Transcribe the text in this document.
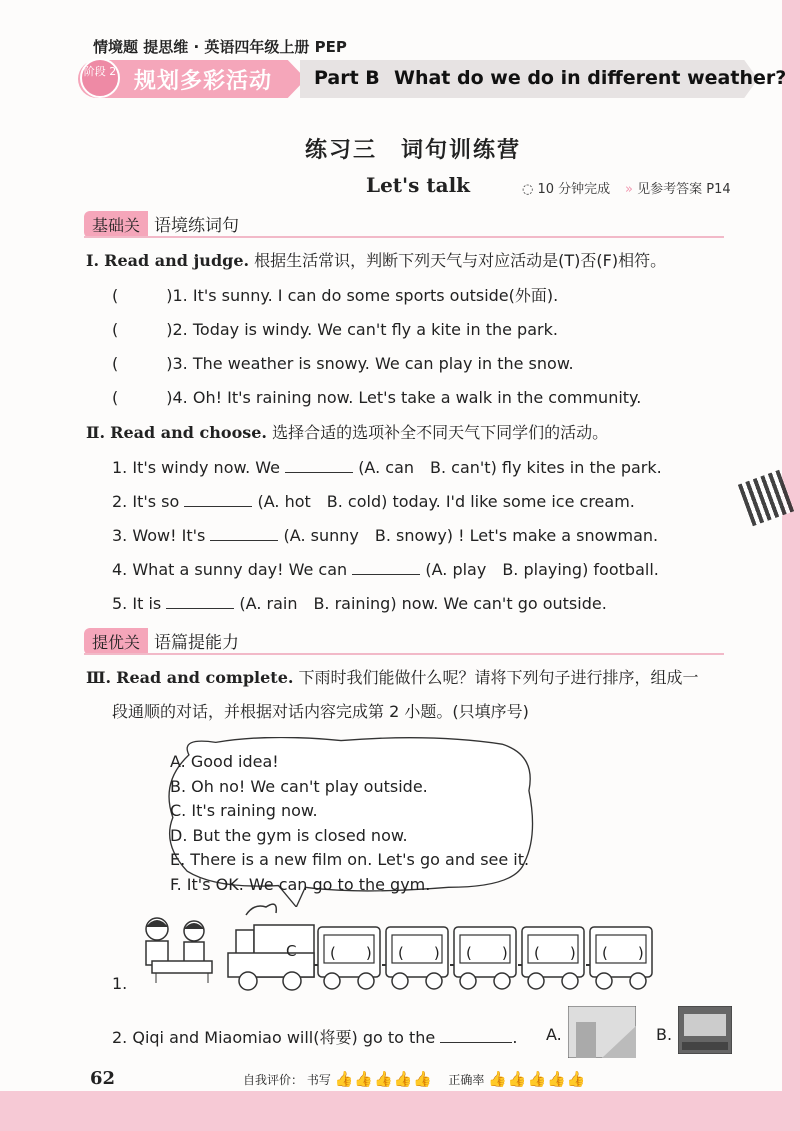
情境题 提思维 · 英语四年级上册 PEP
阶段 2 规划多彩活动 Part B What do we do in different weather?
练习三　词句训练营
Let's talk	◌ 10 分钟完成 » 见参考答案 P14
基础关 语境练词句
Ⅰ. Read and judge. 根据生活常识，判断下列天气与对应活动是(T)否(F)相符。
(　　　)1. It's sunny. I can do some sports outside(外面).
(　　　)2. Today is windy. We can't fly a kite in the park.
(　　　)3. The weather is snowy. We can play in the snow.
(　　　)4. Oh! It's raining now. Let's take a walk in the community.
Ⅱ. Read and choose. 选择合适的选项补全不同天气下同学们的活动。
1. It's windy now. We	(A. can　B. can't) fly kites in the park.
2. It's so	(A. hot　B. cold) today. I'd like some ice cream.
3. Wow! It's	(A. sunny　B. snowy) ! Let's make a snowman.
4. What a sunny day! We can	(A. play　B. playing) football.
5. It is	(A. rain　B. raining) now. We can't go outside.
提优关 语篇提能力
Ⅲ. Read and complete. 下雨时我们能做什么呢？请将下列句子进行排序，组成一
段通顺的对话，并根据对话内容完成第 2 小题。(只填序号)
A. Good idea!
B. Oh no! We can't play outside.
C. It's raining now.
D. But the gym is closed now.
E. There is a new film on. Let's go and see it.
F. It's OK. We can go to the gym.
1.
C (　　) (　　) (　　) (　　) (　　)
2. Qiqi and Miaomiao will(将要) go to the	. A.	B.
62	自我评价： 书写 👍👍👍👍👍 正确率 👍👍👍👍👍
